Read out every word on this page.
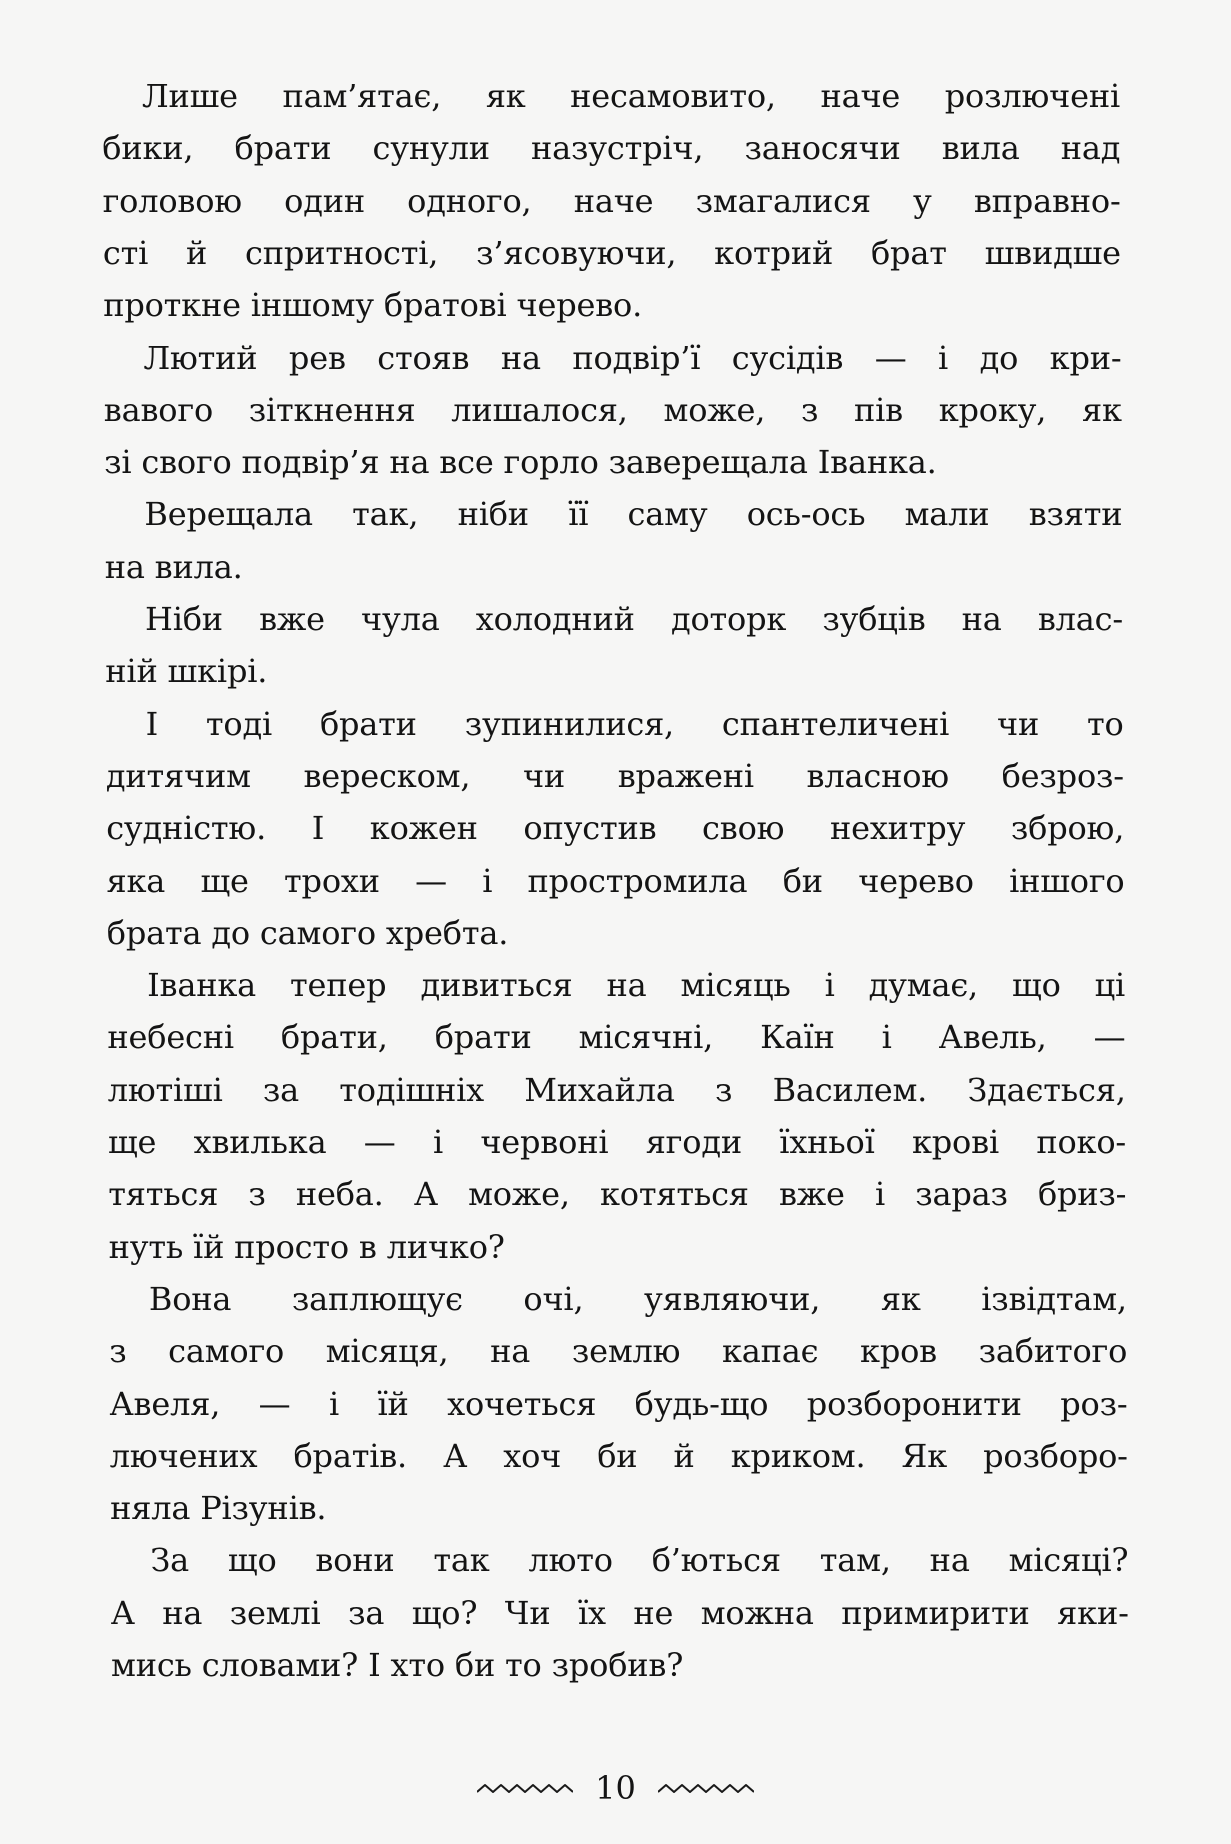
Лише пам’ятає, як несамовито, наче розлючені
бики, брати сунули назустріч, заносячи вила над
головою один одного, наче змагалися у вправно-
сті й спритності, з’ясовуючи, котрий брат швидше
проткне іншому братові черево.
Лютий рев стояв на подвір’ї сусідів — і до кри-
вавого зіткнення лишалося, може, з пів кроку, як
зі свого подвір’я на все горло заверещала Іванка.
Верещала так, ніби її саму ось-ось мали взяти
на вила.
Ніби вже чула холодний доторк зубців на влас-
ній шкірі.
І тоді брати зупинилися, спантеличені чи то
дитячим вереском, чи вражені власною безроз-
судністю. І кожен опустив свою нехитру зброю,
яка ще трохи — і простромила би черево іншого
брата до самого хребта.
Іванка тепер дивиться на місяць і думає, що ці
небесні брати, брати місячні, Каїн і Авель, —
лютіші за тодішніх Михайла з Василем. Здається,
ще хвилька — і червоні ягоди їхньої крові поко-
тяться з неба. А може, котяться вже і зараз бриз-
нуть їй просто в личко?
Вона заплющує очі, уявляючи, як ізвідтам,
з самого місяця, на землю капає кров забитого
Авеля, — і їй хочеться будь-що розборонити роз-
лючених братів. А хоч би й криком. Як розборо-
няла Різунів.
За що вони так люто б’ються там, на місяці?
А на землі за що? Чи їх не можна примирити яки-
мись словами? І хто би то зробив?
10
